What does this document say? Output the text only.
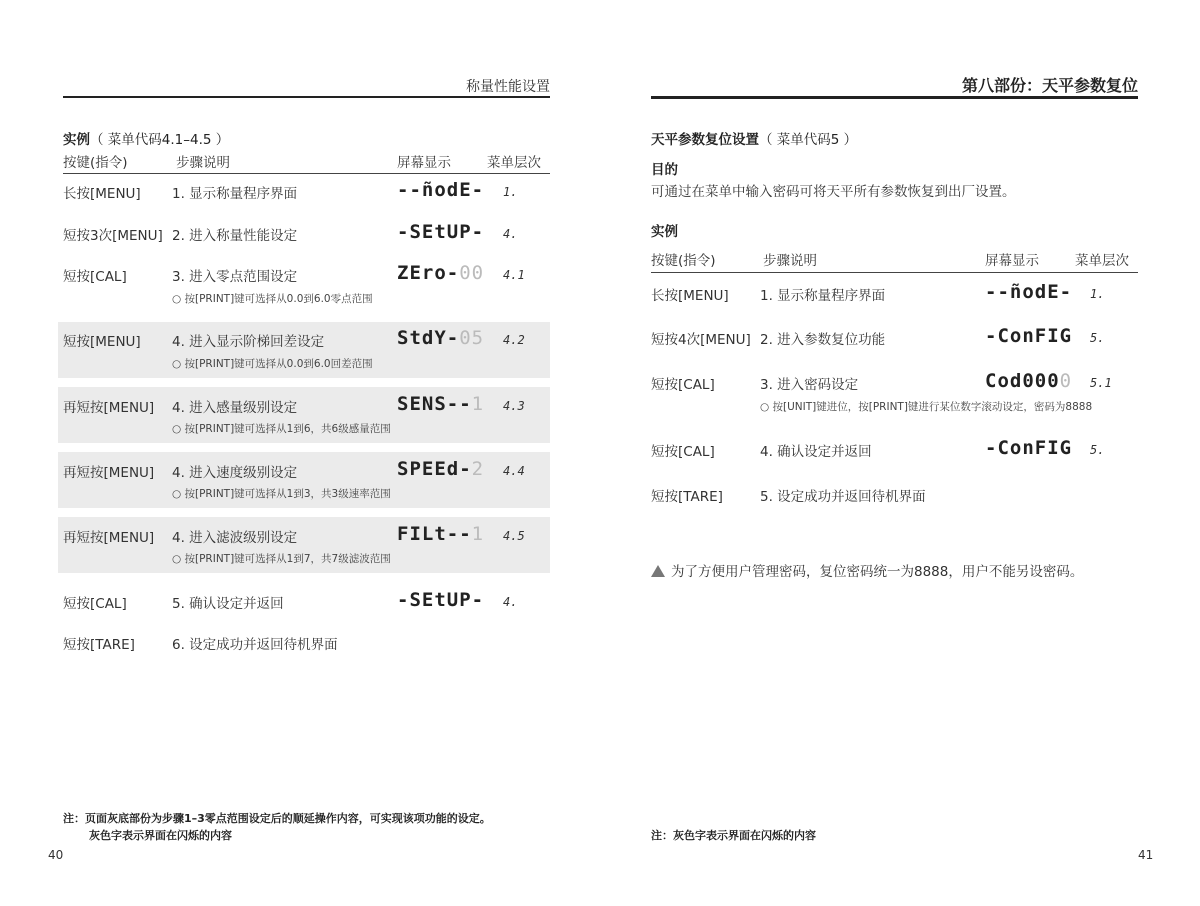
称量性能设置
实例（ 菜单代码4.1–4.5 ）
按键(指令)	步骤说明	屏幕显示	菜单层次
长按[MENU] 1. 显示称量程序界面	--ñodE- 1.
短按3次[MENU] 2. 进入称量性能设定	-SEtUP- 4.
短按[CAL]	3. 进入零点范围设定	ZEro-00 4.1
○ 按[PRINT]键可选择从0.0到6.0零点范围
短按[MENU] 4. 进入显示阶梯回差设定	StdY-05 4.2
○ 按[PRINT]键可选择从0.0到6.0回差范围
再短按[MENU] 4. 进入感量级别设定	SENS--1 4.3
○ 按[PRINT]键可选择从1到6，共6级感量范围
再短按[MENU] 4. 进入速度级别设定	SPEEd-2 4.4
○ 按[PRINT]键可选择从1到3，共3级速率范围
再短按[MENU] 4. 进入滤波级别设定	FILt--1 4.5
○ 按[PRINT]键可选择从1到7，共7级滤波范围
短按[CAL]	5. 确认设定并返回	-SEtUP- 4.
短按[TARE]	6. 设定成功并返回待机界面
注：页面灰底部份为步骤1–3零点范围设定后的顺延操作内容，可实现该项功能的设定。
灰色字表示界面在闪烁的内容
40
第八部份：天平参数复位
天平参数复位设置（ 菜单代码5 ）
目的
可通过在菜单中输入密码可将天平所有参数恢复到出厂设置。
实例
按键(指令)	步骤说明	屏幕显示	菜单层次
长按[MENU] 1. 显示称量程序界面	--ñodE- 1.
短按4次[MENU] 2. 进入参数复位功能	-ConFIG 5.
短按[CAL]	3. 进入密码设定	Cod0000 5.1
○ 按[UNIT]键进位，按[PRINT]键进行某位数字滚动设定，密码为8888
短按[CAL]	4. 确认设定并返回	-ConFIG 5.
短按[TARE]	5. 设定成功并返回待机界面
为了方便用户管理密码，复位密码统一为8888，用户不能另设密码。
注：灰色字表示界面在闪烁的内容
41
